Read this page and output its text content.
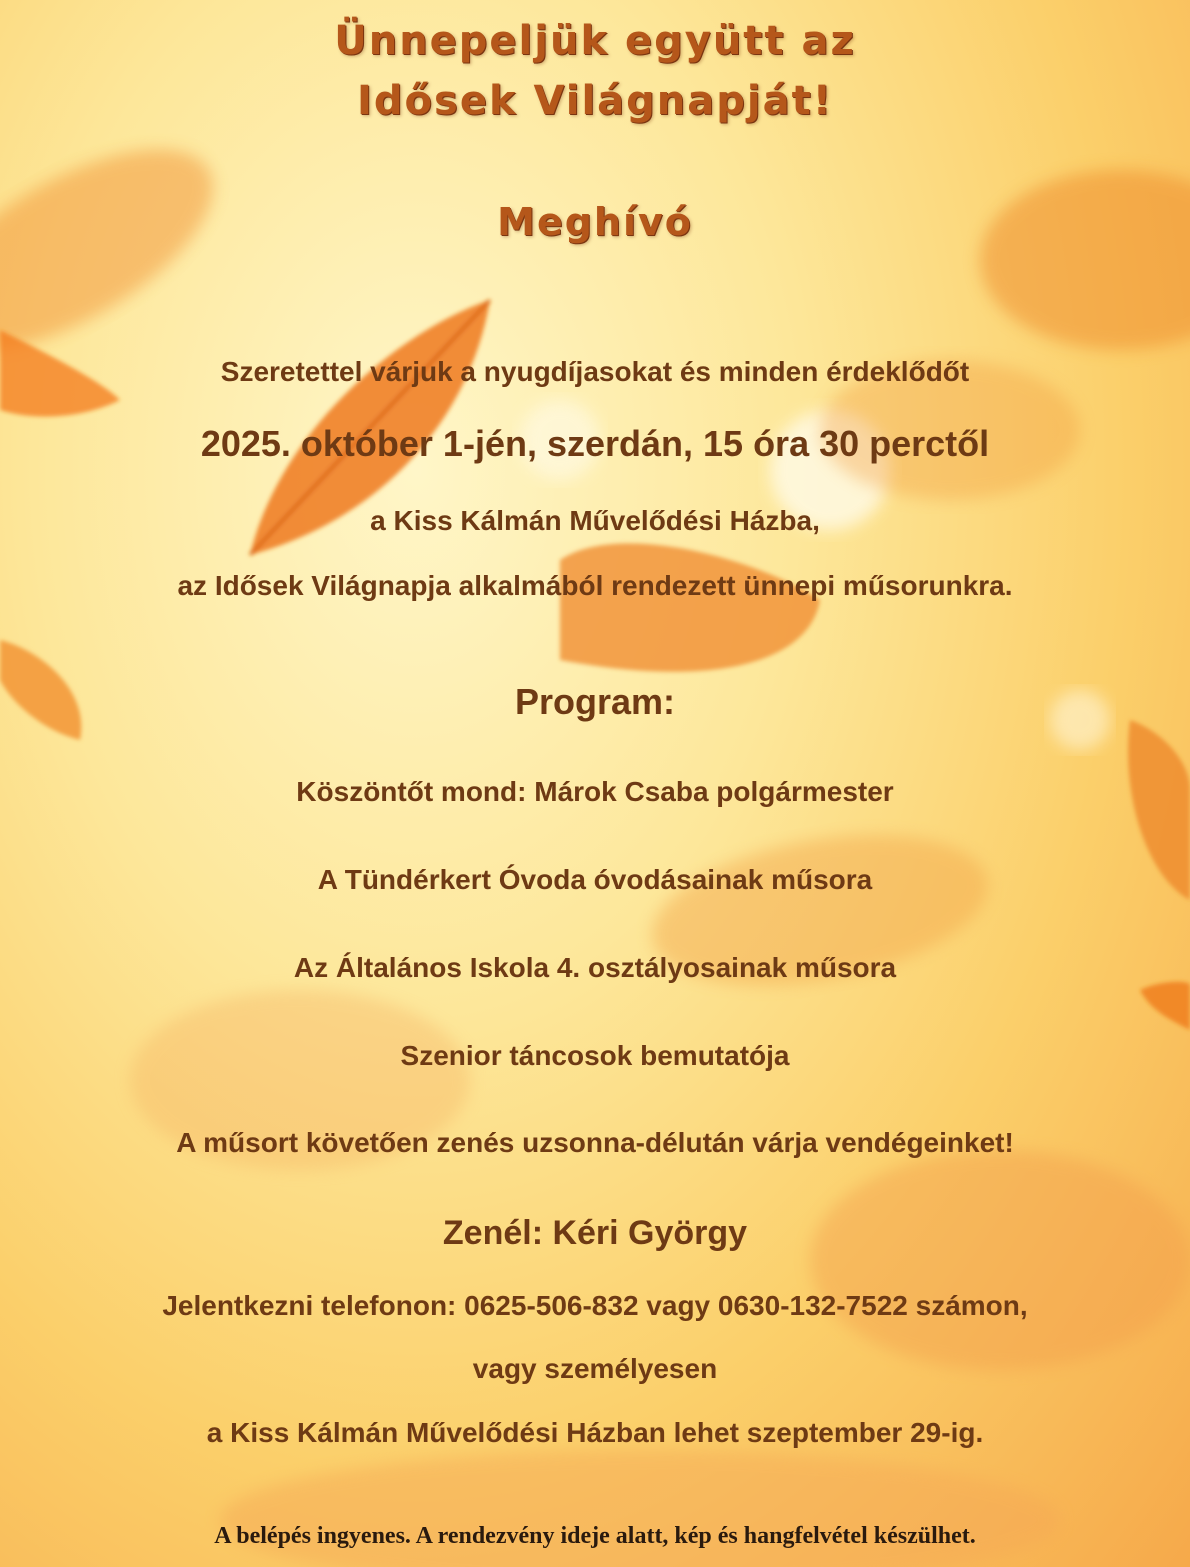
Ünnepeljük együtt az
Idősek Világnapját!
Meghívó

Szeretettel várjuk a nyugdíjasokat és minden érdeklődőt

2025. október 1-jén, szerdán, 15 óra 30 perctől

a Kiss Kálmán Művelődési Házba,

az Idősek Világnapja alkalmából rendezett ünnepi műsorunkra.

Program:

Köszöntőt mond: Márok Csaba polgármester

A Tündérkert Óvoda óvodásainak műsora

Az Általános Iskola 4. osztályosainak műsora

Szenior táncosok bemutatója

A műsort követően zenés uzsonna-délután várja vendégeinket!

Zenél: Kéri György

Jelentkezni telefonon: 0625-506-832 vagy 0630-132-7522 számon,

vagy személyesen

a Kiss Kálmán Művelődési Házban lehet szeptember 29-ig.

A belépés ingyenes. A rendezvény ideje alatt, kép és hangfelvétel készülhet.
